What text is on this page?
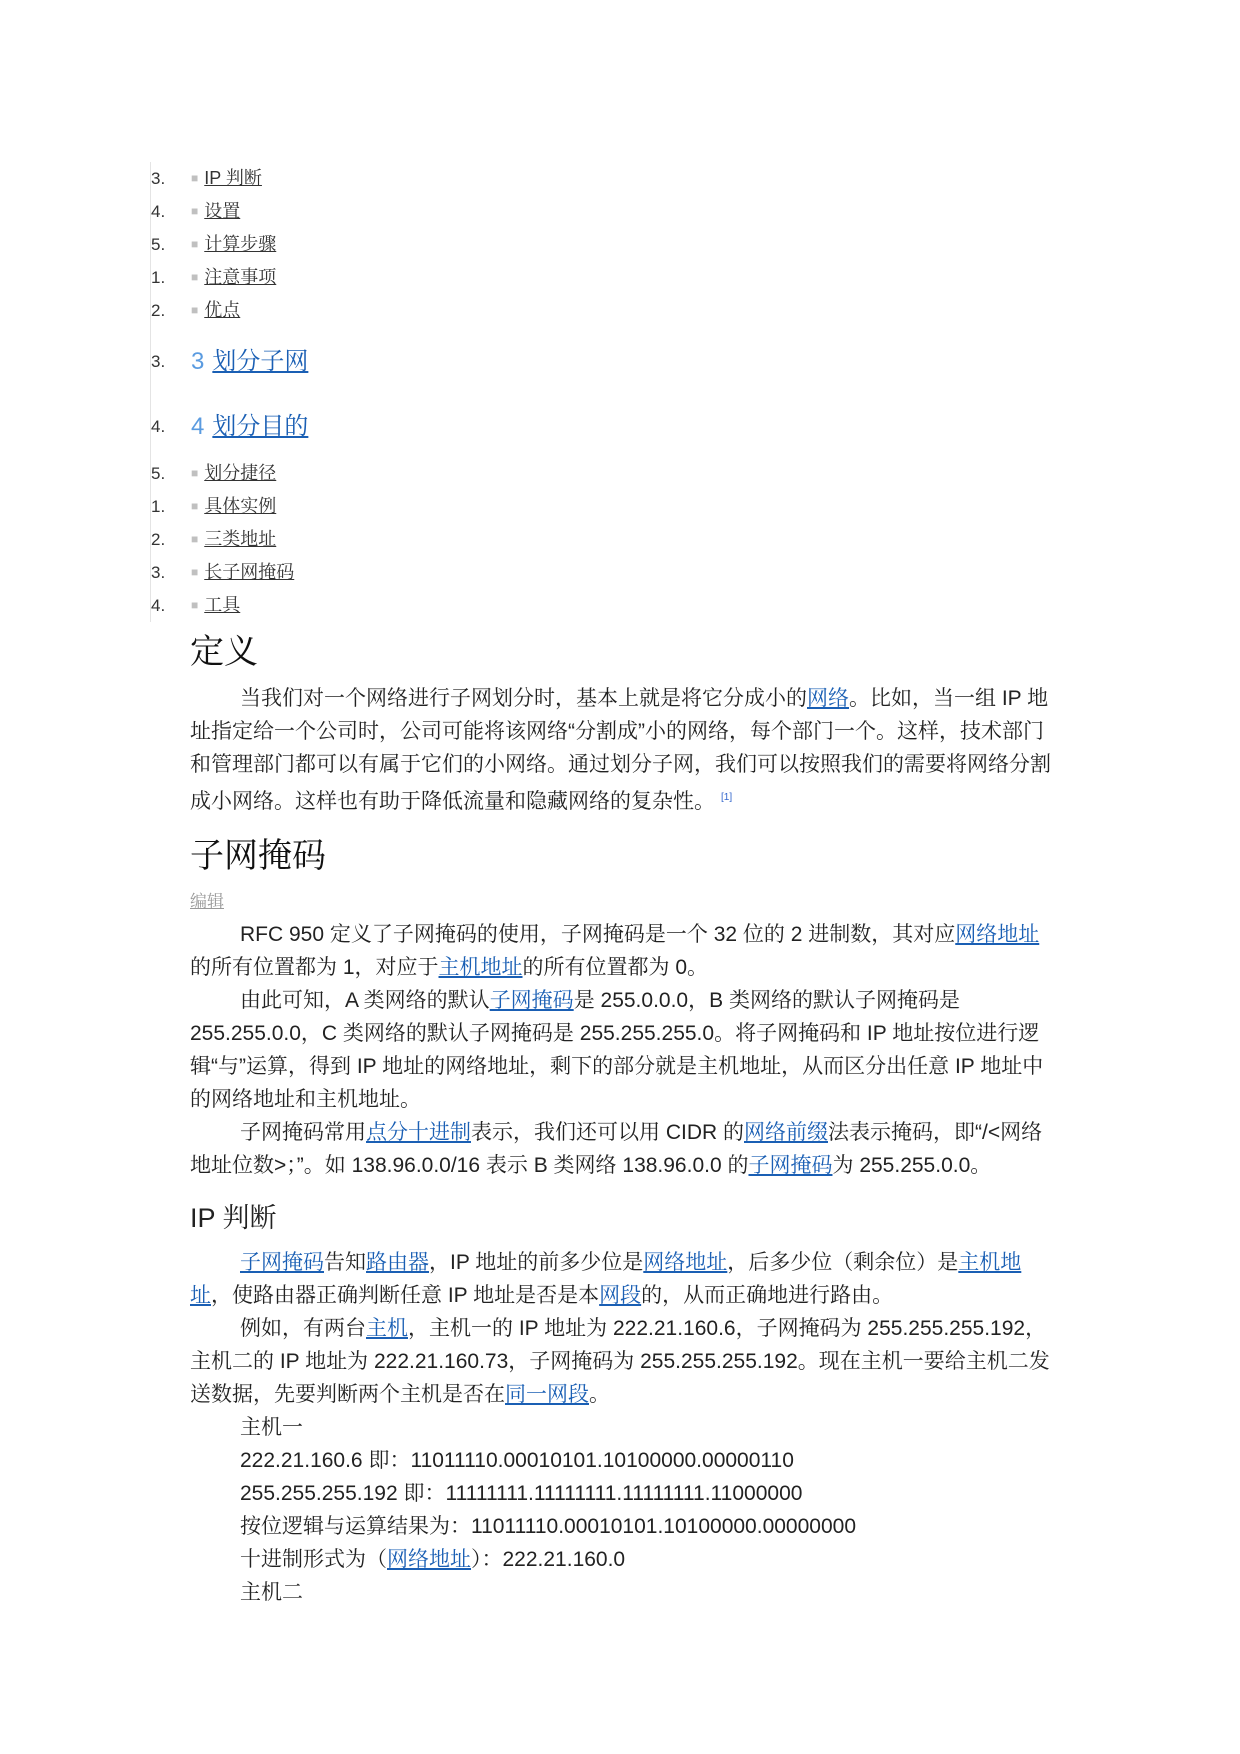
3.	■ IP 判断
4.	■ 设置
5.	■ 计算步骤
1.	■ 注意事项
2.	■ 优点
3.	3 划分子网
4.	4 划分目的
5.	■ 划分捷径
1.	■ 具体实例
2.	■ 三类地址
3.	■ 长子网掩码
4.	■ 工具
定义

当我们对一个网络进行子网划分时，基本上就是将它分成小的网络。比如，当一组 IP 地址指定给一个公司时，公司可能将该网络“分割成”小的网络，每个部门一个。这样，技术部门和管理部门都可以有属于它们的小网络。通过划分子网，我们可以按照我们的需要将网络分割成小网络。这样也有助于降低流量和隐藏网络的复杂性。 [1]

子网掩码
编辑

RFC 950 定义了子网掩码的使用，子网掩码是一个 32 位的 2 进制数，其对应网络地址的所有位置都为 1，对应于主机地址的所有位置都为 0。

由此可知，A 类网络的默认子网掩码是 255.0.0.0，B 类网络的默认子网掩码是 255.255.0.0，C 类网络的默认子网掩码是 255.255.255.0。将子网掩码和 IP 地址按位进行逻辑“与”运算，得到 IP 地址的网络地址，剩下的部分就是主机地址，从而区分出任意 IP 地址中的网络地址和主机地址。

子网掩码常用点分十进制表示，我们还可以用 CIDR 的网络前缀法表示掩码，即“/<网络地址位数>；”。如 138.96.0.0/16 表示 B 类网络 138.96.0.0 的子网掩码为 255.255.0.0。

IP 判断

子网掩码告知路由器，IP 地址的前多少位是网络地址，后多少位（剩余位）是主机地址，使路由器正确判断任意 IP 地址是否是本网段的，从而正确地进行路由。

例如，有两台主机，主机一的 IP 地址为 222.21.160.6，子网掩码为 255.255.255.192，主机二的 IP 地址为 222.21.160.73，子网掩码为 255.255.255.192。现在主机一要给主机二发送数据，先要判断两个主机是否在同一网段。

主机一

222.21.160.6 即：11011110.00010101.10100000.00000110

255.255.255.192 即：11111111.11111111.11111111.11000000

按位逻辑与运算结果为：11011110.00010101.10100000.00000000

十进制形式为（网络地址）：222.21.160.0

主机二
